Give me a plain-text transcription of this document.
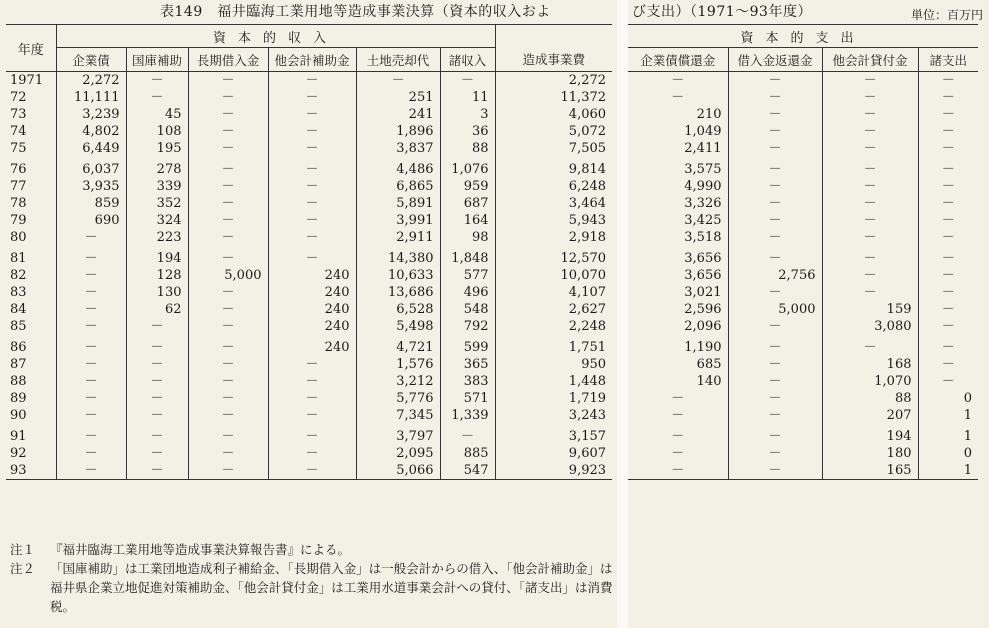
表149　福井臨海工業用地等造成事業決算（資本的収入およ	び支出）（1971～93年度）	単位：百万円
年度	資本的収入						
	企業債	国庫補助	長期借入金	他会計補助金	土地売却代	諸収入	造成事業費
1971	2,272	－	－	－	－	－	2,272
72	11,111	－	－	－	251	11	11,372
73	3,239	45	－	－	241	3	4,060
74	4,802	108	－	－	1,896	36	5,072
75	6,449	195	－	－	3,837	88	7,505
76	6,037	278	－	－	4,486	1,076	9,814
77	3,935	339	－	－	6,865	959	6,248
78	859	352	－	－	5,891	687	3,464
79	690	324	－	－	3,991	164	5,943
80	－	223	－	－	2,911	98	2,918
81	－	194	－	－	14,380	1,848	12,570
82	－	128	5,000	240	10,633	577	10,070
83	－	130	－	240	13,686	496	4,107
84	－	62	－	240	6,528	548	2,627
85	－	－	－	240	5,498	792	2,248
86	－	－	－	240	4,721	599	1,751
87	－	－	－	－	1,576	365	950
88	－	－	－	－	3,212	383	1,448
89	－	－	－	－	5,776	571	1,719
90	－	－	－	－	7,345	1,339	3,243
91	－	－	－	－	3,797	－	3,157
92	－	－	－	－	2,095	885	9,607
93	－	－	－	－	5,066	547	9,923
資本的支出			
企業債償還金	借入金返還金	他会計貸付金	諸支出
－	－	－	－
－	－	－	－
210	－	－	－
1,049	－	－	－
2,411	－	－	－
3,575	－	－	－
4,990	－	－	－
3,326	－	－	－
3,425	－	－	－
3,518	－	－	－
3,656	－	－	－
3,656	2,756	－	－
3,021	－	－	－
2,596	5,000	159	－
2,096	－	3,080	－
1,190	－	－	－
685	－	168	－
140	－	1,070	－
－	－	88	0
－	－	207	1
－	－	194	1
－	－	180	0
－	－	165	1
注１	『福井臨海工業用地等造成事業決算報告書』による。
注２	「国庫補助」は工業団地造成利子補給金、「長期借入金」は一般会計からの借入、「他会計補助金」は福井県企業立地促進対策補助金、「他会計貸付金」は工業用水道事業会計への貸付、「諸支出」は消費税。
